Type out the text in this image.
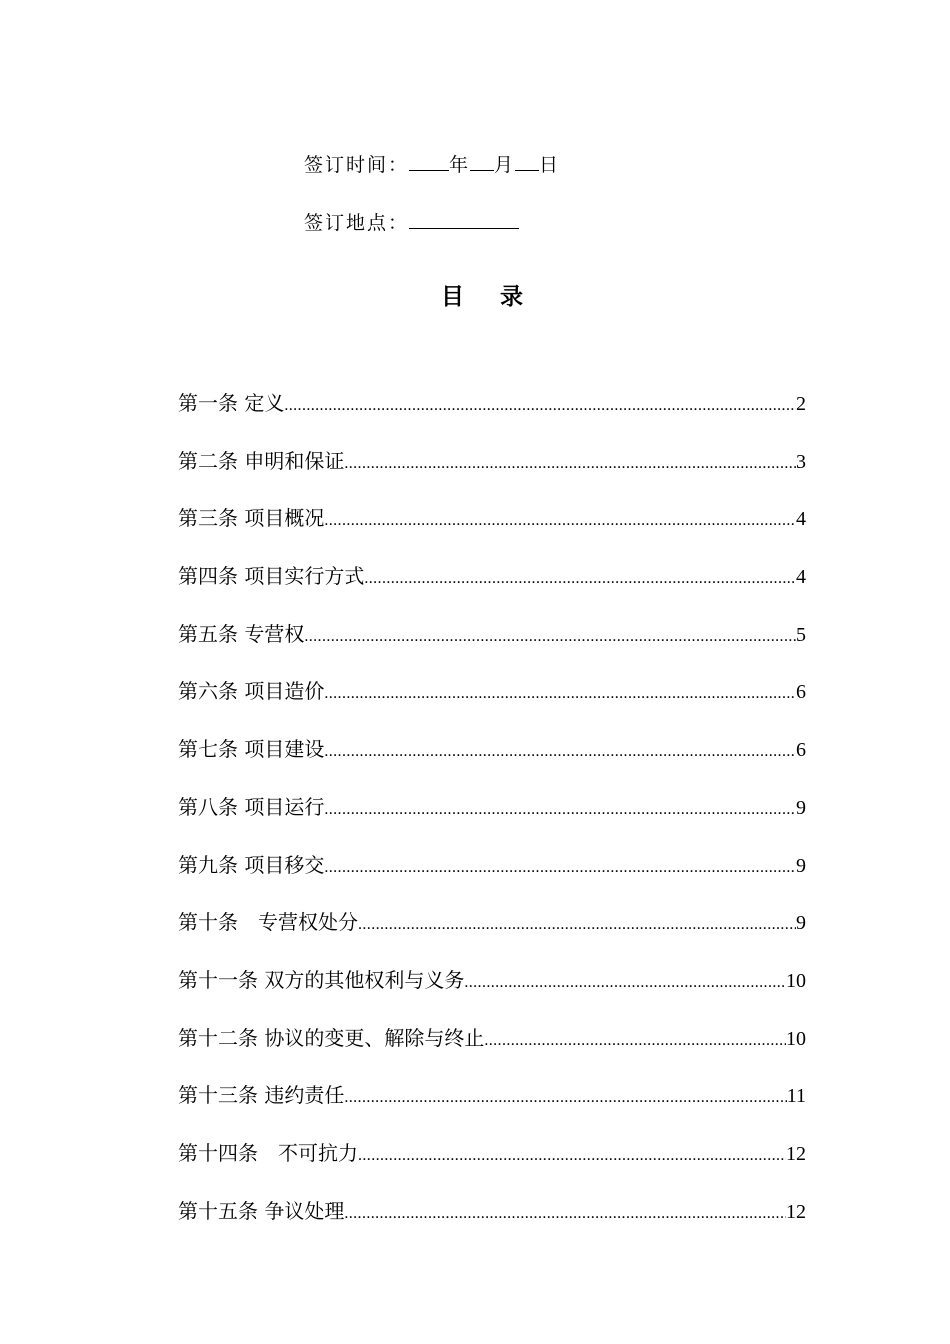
签订时间： 年 月 日
签订地点：
目 录
第一条 定义 .....	2
第二条 申明和保证 .....	3
第三条 项目概况 .....	4
第四条 项目实行方式 .....	4
第五条 专营权 .....	5
第六条 项目造价 .....	6
第七条 项目建设 .....	6
第八条 项目运行 .....	9
第九条 项目移交 .....	9
第十条　专营权处分 .....	9
第十一条 双方的其他权利与义务 .....	10
第十二条 协议的变更、解除与终止 .....	10
第十三条 违约责任 .....	11
第十四条　不可抗力 .....	12
第十五条 争议处理 .....	12
